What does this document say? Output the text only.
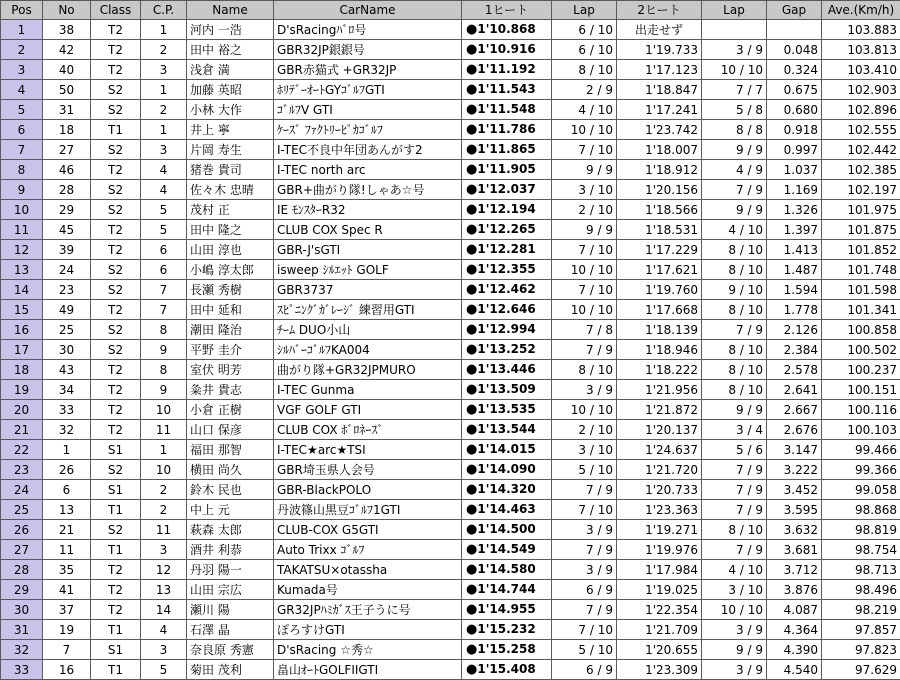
Pos	No	Class	C.P.	Name	CarName	1ヒート	Lap	2ヒート	Lap	Gap	Ave.(Km/h)
1	38	T2	1	河内 一浩	D'sRacingﾊﾞﾛ号	●1'10.868	6 / 10	出走せず			103.883
2	42	T2	2	田中 裕之	GBR32JP銀銀号	●1'10.916	6 / 10	1'19.733	3 / 9	0.048	103.813
3	40	T2	3	浅倉 満	GBR赤猫式 +GR32JP	●1'11.192	8 / 10	1'17.123	10 / 10	0.324	103.410
4	50	S2	1	加藤 英昭	ﾎﾘﾃﾞｰｵｰﾄGYｺﾞﾙﾌGTI	●1'11.543	2 / 9	1'18.847	7 / 7	0.675	102.903
5	31	S2	2	小林 大作	ｺﾞﾙﾌV GTI	●1'11.548	4 / 10	1'17.241	5 / 8	0.680	102.896
6	18	T1	1	井上 寧	ｹｰｽﾞ ﾌｧｸﾄﾘｰﾋﾟｶｺﾞﾙﾌ	●1'11.786	10 / 10	1'23.742	8 / 8	0.918	102.555
7	27	S2	3	片岡 寿生	I-TEC不良中年団あんがす2	●1'11.865	7 / 10	1'18.007	9 / 9	0.997	102.442
8	46	T2	4	猪巻 貴司	I-TEC north arc	●1'11.905	9 / 9	1'18.912	4 / 9	1.037	102.385
9	28	S2	4	佐々木 忠晴	GBR+曲がり隊!しゃあ☆号	●1'12.037	3 / 10	1'20.156	7 / 9	1.169	102.197
10	29	S2	5	茂村 正	IE ﾓﾝｽﾀｰR32	●1'12.194	2 / 10	1'18.566	9 / 9	1.326	101.975
11	45	T2	5	田中 隆之	CLUB COX Spec R	●1'12.265	9 / 9	1'18.531	4 / 10	1.397	101.875
12	39	T2	6	山田 淳也	GBR-J'sGTI	●1'12.281	7 / 10	1'17.229	8 / 10	1.413	101.852
13	24	S2	6	小嶋 淳太郎	isweep ｼﾙｴｯﾄ GOLF	●1'12.355	10 / 10	1'17.621	8 / 10	1.487	101.748
14	23	S2	7	長瀬 秀樹	GBR3737	●1'12.462	7 / 10	1'19.760	9 / 10	1.594	101.598
15	49	T2	7	田中 延和	ｽﾋﾟﾆﾝｸﾞｶﾞﾚｰｼﾞ 練習用GTI	●1'12.646	10 / 10	1'17.668	8 / 10	1.778	101.341
16	25	S2	8	潮田 隆治	ﾁｰﾑ DUO小山	●1'12.994	7 / 8	1'18.139	7 / 9	2.126	100.858
17	30	S2	9	平野 圭介	ｼﾙﾊﾞｰｺﾞﾙﾌKA004	●1'13.252	7 / 9	1'18.946	8 / 10	2.384	100.502
18	43	T2	8	室伏 明芳	曲がり隊+GR32JPMURO	●1'13.446	8 / 10	1'18.222	8 / 10	2.578	100.237
19	34	T2	9	粂井 貴志	I-TEC Gunma	●1'13.509	3 / 9	1'21.956	8 / 10	2.641	100.151
20	33	T2	10	小倉 正樹	VGF GOLF GTI	●1'13.535	10 / 10	1'21.872	9 / 9	2.667	100.116
21	32	T2	11	山口 保彦	CLUB COX ﾎﾞﾛﾈｰｽﾞ	●1'13.544	2 / 10	1'20.137	3 / 4	2.676	100.103
22	1	S1	1	福田 那智	I-TEC★arc★TSI	●1'14.015	3 / 10	1'24.637	5 / 6	3.147	99.466
23	26	S2	10	横田 尚久	GBR埼玉県人会号	●1'14.090	5 / 10	1'21.720	7 / 9	3.222	99.366
24	6	S1	2	鈴木 民也	GBR-BlackPOLO	●1'14.320	7 / 9	1'20.733	7 / 9	3.452	99.058
25	13	T1	2	中上 元	丹波篠山黒豆ｺﾞﾙﾌ1GTI	●1'14.463	7 / 10	1'23.363	7 / 9	3.595	98.868
26	21	S2	11	萩森 太郎	CLUB-COX G5GTI	●1'14.500	3 / 9	1'19.271	8 / 10	3.632	98.819
27	11	T1	3	酒井 利恭	Auto Trixx ｺﾞﾙﾌ	●1'14.549	7 / 9	1'19.976	7 / 9	3.681	98.754
28	35	T2	12	丹羽 陽一	TAKATSU×otassha	●1'14.580	3 / 9	1'17.984	4 / 10	3.712	98.713
29	41	T2	13	山田 宗広	Kumada号	●1'14.744	6 / 9	1'19.025	3 / 10	3.876	98.496
30	37	T2	14	瀬川 陽	GR32JPﾊﾐｶﾞｽ王子うに号	●1'14.955	7 / 9	1'22.354	10 / 10	4.087	98.219
31	19	T1	4	石澤 晶	ぽろすけGTI	●1'15.232	7 / 10	1'21.709	3 / 9	4.364	97.857
32	7	S1	3	奈良原 秀憲	D'sRacing ☆秀☆	●1'15.258	5 / 10	1'20.655	9 / 9	4.390	97.823
33	16	T1	5	菊田 茂利	畠山ｵｰﾄGOLFIIGTI	●1'15.408	6 / 9	1'23.309	3 / 9	4.540	97.629
